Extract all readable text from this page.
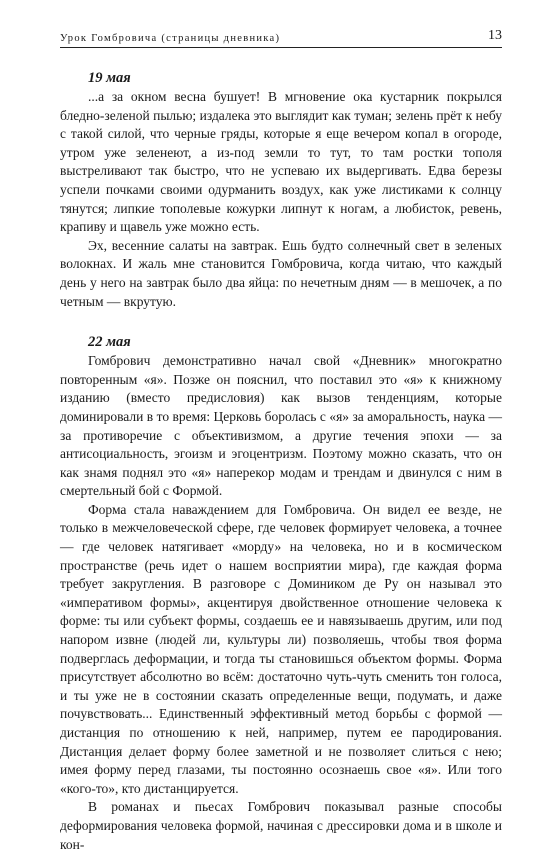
Урок Гомбровича (страницы дневника)	13
19 мая

...а за окном весна бушует! В мгновение ока кустарник покрылся бледно-зеленой пылью; издалека это выглядит как туман; зелень прёт к небу с такой силой, что черные гряды, которые я еще вечером копал в огороде, утром уже зеленеют, а из-под земли то тут, то там ростки тополя выстреливают так быстро, что не успеваю их выдергивать. Едва березы успели почками своими одурманить воздух, как уже листиками к солнцу тянутся; липкие тополевые кожурки липнут к ногам, а любисток, ревень, крапиву и щавель уже можно есть.

Эх, весенние салаты на завтрак. Ешь будто солнечный свет в зеленых волокнах. И жаль мне становится Гомбровича, когда читаю, что каждый день у него на завтрак было два яйца: по нечетным дням — в мешочек, а по четным — вкрутую.

22 мая

Гомбрович демонстративно начал свой «Дневник» многократно повторенным «я». Позже он пояснил, что поставил это «я» к книжному изданию (вместо предисловия) как вызов тенденциям, которые доминировали в то время: Церковь боролась с «я» за аморальность, наука — за противоречие с объективизмом, а другие течения эпохи — за антисоциальность, эгоизм и эгоцентризм. Поэтому можно сказать, что он как знамя поднял это «я» наперекор модам и трендам и двинулся с ним в смертельный бой с Формой.

Форма стала наваждением для Гомбровича. Он видел ее везде, не только в межчеловеческой сфере, где человек формирует человека, а точнее — где человек натягивает «морду» на человека, но и в космическом пространстве (речь идет о нашем восприятии мира), где каждая форма требует закругления. В разговоре с Домиником де Ру он называл это «императивом формы», акцентируя двойственное отношение человека к форме: ты или субъект формы, создаешь ее и навязываешь другим, или под напором извне (людей ли, культуры ли) позволяешь, чтобы твоя форма подверглась деформации, и тогда ты становишься объектом формы. Форма присутствует абсолютно во всём: достаточно чуть-чуть сменить тон голоса, и ты уже не в состоянии сказать определенные вещи, подумать, и даже почувствовать... Единственный эффективный метод борьбы с формой — дистанция по отношению к ней, например, путем ее пародирования. Дистанция делает форму более заметной и не позволяет слиться с нею; имея форму перед глазами, ты постоянно осознаешь свое «я». Или того «кого-то», кто дистанцируется.

В романах и пьесах Гомбрович показывал разные способы деформирования человека формой, начиная с дрессировки дома и в школе и кон-
